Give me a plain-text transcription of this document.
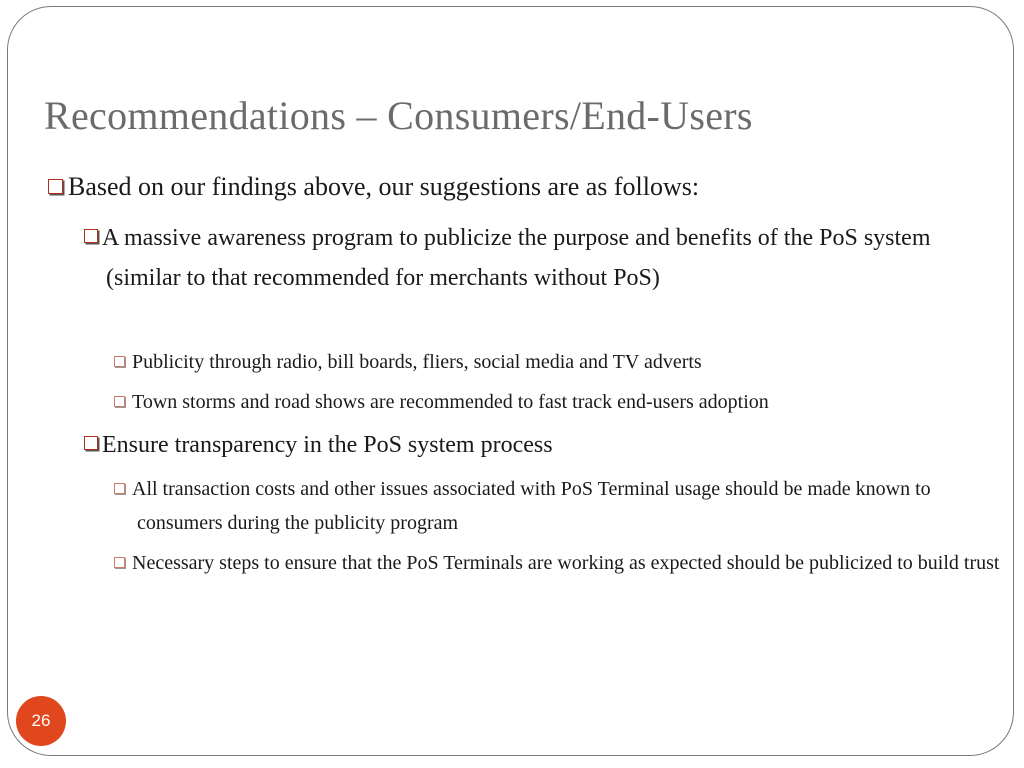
Recommendations – Consumers/End-Users
Based on our findings above, our suggestions are as follows:
A massive awareness program to publicize the purpose and benefits of the PoS system (similar to that recommended for merchants without PoS)
Publicity through radio, bill boards, fliers, social media and TV adverts
Town storms and road shows are recommended to fast track end-users adoption
Ensure transparency in the PoS system process
All transaction costs and other issues associated with PoS Terminal usage should be made known to consumers during the publicity program
Necessary steps to ensure that the PoS Terminals are working as expected should be publicized to build trust
26
